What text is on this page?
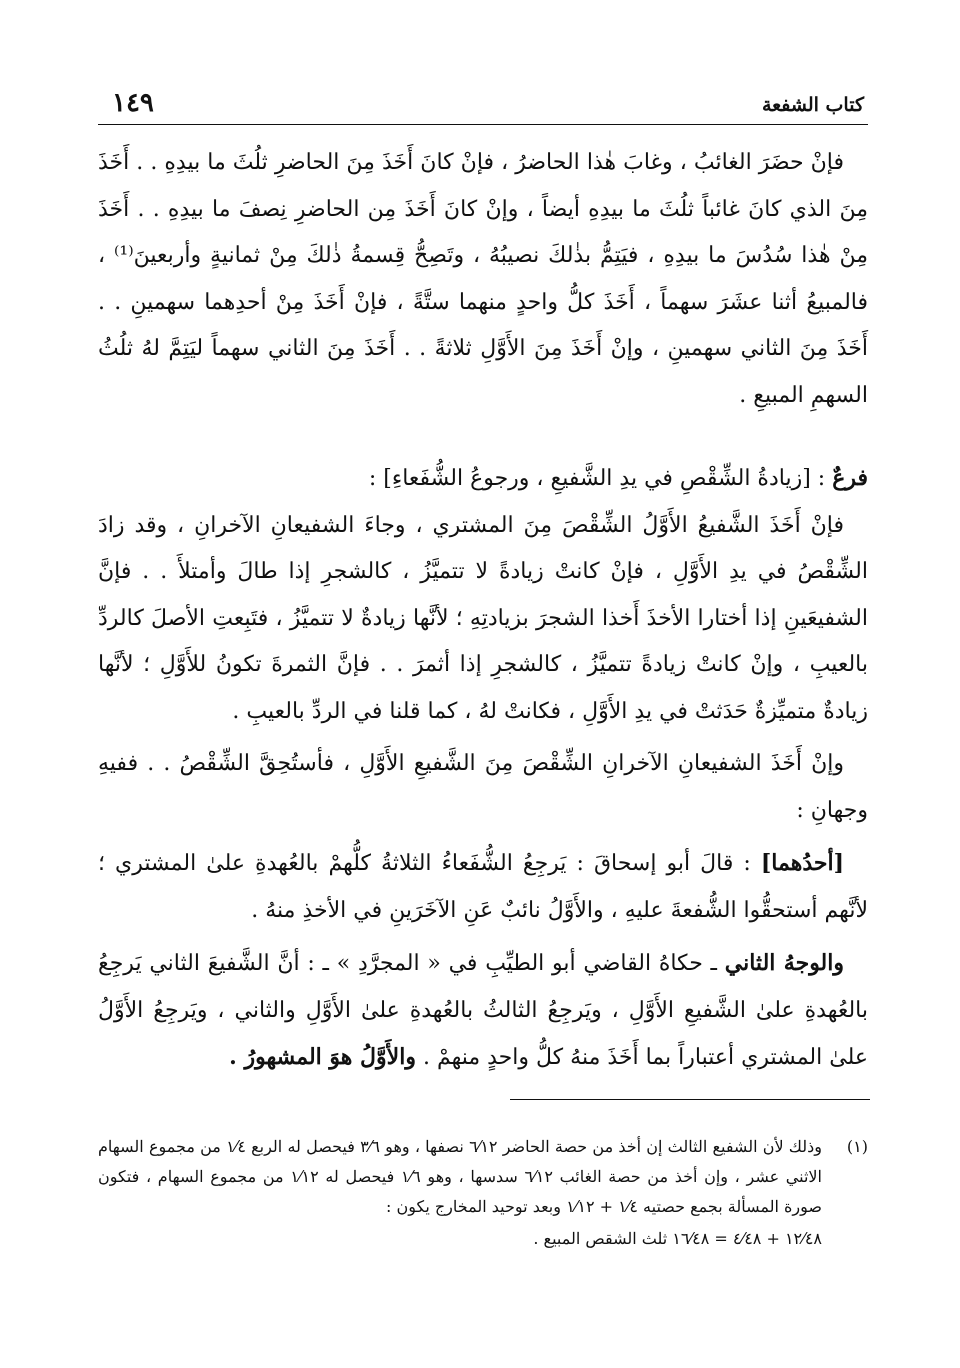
١٤٩	كتاب الشفعة

فإنْ حضَرَ الغائبُ ، وغابَ هٰذا الحاضرُ ، فإنْ كانَ أَخَذَ مِنَ الحاضرِ ثلُثَ ما بيدِهِ . . أَخَذَ مِنَ الذي كانَ غائباً ثلُثَ ما بيدِهِ أيضاً ، وإنْ كانَ أَخَذَ مِن الحاضرِ نِصفَ ما بيدِهِ . . أَخَذَ مِنْ هٰذا سُدُسَ ما بيدِهِ ، فيَتِمُّ بذٰلكَ نصيبُهُ ، وتَصِحُّ قِسمةُ ذٰلكَ مِنْ ثمانيةٍ وأربعينَ⁽¹⁾ ، فالمبيعُ أثنا عشَرَ سهماً ، أَخَذَ كلُّ واحدٍ منهما ستَّةً ، فإنْ أَخَذَ مِنْ أحدِهما سهمينِ . . أَخَذَ مِنَ الثاني سهمينِ ، وإنْ أَخَذَ مِنَ الأَوَّلِ ثلاثةً . . أَخَذَ مِنَ الثاني سهماً ليَتِمَّ لهُ ثلُثُ السهمِ المبيعِ .

فرعٌ : [زيادةُ الشِّقْصِ في يدِ الشَّفيعِ ، ورجوعُ الشُّفَعاءِ] :

فإنْ أَخَذَ الشَّفيعُ الأَوَّلُ الشِّقْصَ مِنَ المشتري ، وجاءَ الشفيعانِ الآخرانِ ، وقد زادَ الشِّقْصُ في يدِ الأَوَّلِ ، فإنْ كانتْ زيادةً لا تتميَّزُ ، كالشجرِ إذا طالَ وأمتلأَ . . فإنَّ الشفيعَينِ إذا أختارا الأخذَ أَخذا الشجرَ بزيادتِهِ ؛ لأنَّها زيادةٌ لا تتميَّزُ ، فتَبِعتِ الأصلَ كالردِّ بالعيبِ ، وإنْ كانتْ زيادةً تتميَّزُ ، كالشجرِ إذا أثمرَ . . فإنَّ الثمرةَ تكونُ للأَوَّلِ ؛ لأنَّها زيادةٌ متميِّزةٌ حَدَثتْ في يدِ الأَوَّلِ ، فكانتْ لهُ ، كما قلنا في الردِّ بالعيبِ .

وإنْ أَخَذَ الشفيعانِ الآخرانِ الشِّقْصَ مِنَ الشَّفيعِ الأَوَّلِ ، فأستُحِقَّ الشِّقْصُ . . ففيهِ وجهانِ :

[أحدُهما] : قالَ أبو إسحاقَ : يَرجِعُ الشُّفَعاءُ الثلاثةُ كلُّهمْ بالعُهدةِ علىٰ المشتري ؛ لأنَّهم أستحقُّوا الشُّفعةَ عليهِ ، والأَوَّلُ نائبٌ عَنِ الآخَرَينِ في الأخذِ منهُ .

والوجهُ الثاني ـ حكاهُ القاضي أبو الطيِّبِ في « المجرَّدِ » ـ : أنَّ الشَّفيعَ الثاني يَرجِعُ بالعُهدةِ علىٰ الشَّفيعِ الأَوَّلِ ، ويَرجِعُ الثالثُ بالعُهدةِ علىٰ الأَوَّلِ والثاني ، ويَرجِعُ الأَوَّلُ علىٰ المشتري أعتباراً بما أَخَذَ منهُ كلُّ واحدٍ منهمْ . والأَوَّلُ هوَ المشهورُ .

(١)
وذلك لأن الشفيع الثالث إن أخذ من حصة الحاضر ٦⁄١٢ نصفها ، وهو ٣⁄٦ فيحصل له الربع ١⁄٤ من مجموع السهام الاثني عشر ، وإن أخذ من حصة الغائب ٦⁄١٢ سدسها ، وهو ١⁄٦ فيحصل له ١⁄١٢ من مجموع السهام ، فتكون صورة المسألة بجمع حصتيه ١⁄٤ + ١⁄١٢ وبعد توحيد المخارج يكون :
١٢⁄٤٨ + ٤⁄٤٨ = ١٦⁄٤٨ ثلث الشقص المبيع .
